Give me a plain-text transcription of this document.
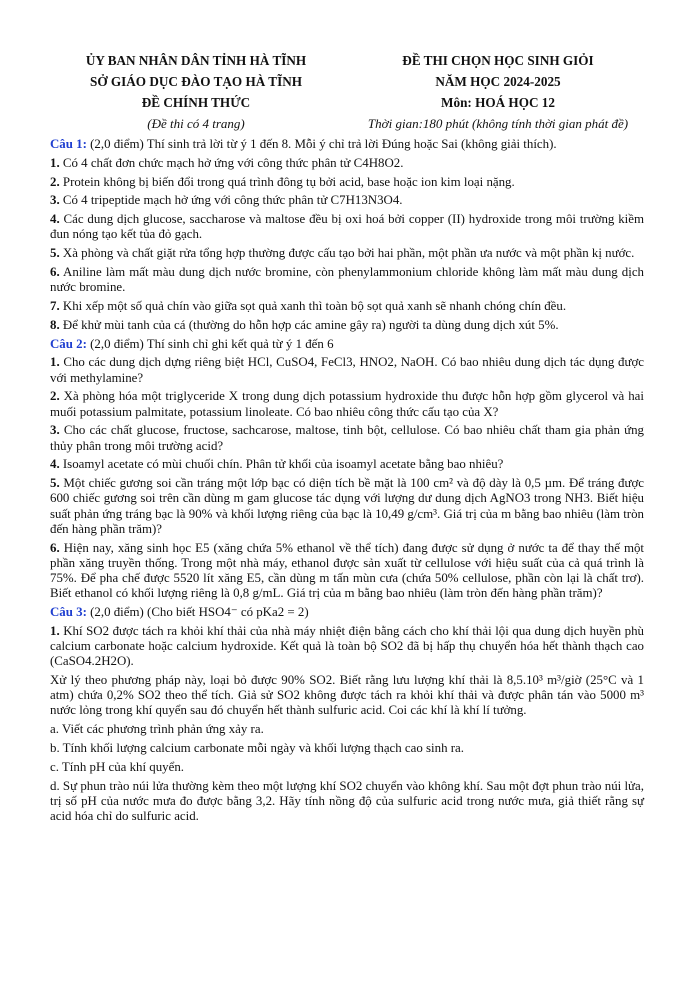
ỦY BAN NHÂN DÂN TỈNH HÀ TĨNH
SỞ GIÁO DỤC ĐÀO TẠO HÀ TĨNH
ĐỀ CHÍNH THỨC
(Đề thi có 4 trang)
ĐỀ THI CHỌN HỌC SINH GIỎI
NĂM HỌC 2024-2025
Môn: HOÁ HỌC 12
Thời gian:180 phút (không tính thời gian phát đề)
Câu 1: (2,0 điểm) Thí sinh trả lời từ ý 1 đến 8. Mỗi ý chỉ trả lời Đúng hoặc Sai (không giải thích).
1. Có 4 chất đơn chức mạch hở ứng với công thức phân tử C4H8O2.
2. Protein không bị biến đổi trong quá trình đông tụ bởi acid, base hoặc ion kim loại nặng.
3. Có 4 tripeptide mạch hở ứng với công thức phân tử C7H13N3O4.
4. Các dung dịch glucose, saccharose và maltose đều bị oxi hoá bởi copper (II) hydroxide trong môi trường kiềm đun nóng tạo kết tủa đỏ gạch.
5. Xà phòng và chất giặt rửa tổng hợp thường được cấu tạo bởi hai phần, một phần ưa nước và một phần kị nước.
6. Aniline làm mất màu dung dịch nước bromine, còn phenylammonium chloride không làm mất màu dung dịch nước bromine.
7. Khi xếp một số quả chín vào giữa sọt quả xanh thì toàn bộ sọt quả xanh sẽ nhanh chóng chín đều.
8. Để khử mùi tanh của cá (thường do hỗn hợp các amine gây ra) người ta dùng dung dịch xút 5%.
Câu 2: (2,0 điểm) Thí sinh chỉ ghi kết quả từ ý 1 đến 6
1. Cho các dung dịch dựng riêng biệt HCl, CuSO4, FeCl3, HNO2, NaOH. Có bao nhiêu dung dịch tác dụng được với methylamine?
2. Xà phòng hóa một triglyceride X trong dung dịch potassium hydroxide thu được hỗn hợp gồm glycerol và hai muối potassium palmitate, potassium linoleate. Có bao nhiêu công thức cấu tạo của X?
3. Cho các chất glucose, fructose, sachcarose, maltose, tinh bột, cellulose. Có bao nhiêu chất tham gia phản ứng thủy phân trong môi trường acid?
4. Isoamyl acetate có mùi chuối chín. Phân tử khối của isoamyl acetate bằng bao nhiêu?
5. Một chiếc gương soi cần tráng một lớp bạc có diện tích bề mặt là 100 cm² và độ dày là 0,5 µm. Để tráng được 600 chiếc gương soi trên cần dùng m gam glucose tác dụng với lượng dư dung dịch AgNO3 trong NH3. Biết hiệu suất phản ứng tráng bạc là 90% và khối lượng riêng của bạc là 10,49 g/cm³. Giá trị của m bằng bao nhiêu (làm tròn đến hàng phần trăm)?
6. Hiện nay, xăng sinh học E5 (xăng chứa 5% ethanol về thể tích) đang được sử dụng ở nước ta để thay thế một phần xăng truyền thống. Trong một nhà máy, ethanol được sản xuất từ cellulose với hiệu suất của cả quá trình là 75%. Để pha chế được 5520 lít xăng E5, cần dùng m tấn mùn cưa (chứa 50% cellulose, phần còn lại là chất trơ). Biết ethanol có khối lượng riêng là 0,8 g/mL. Giá trị của m bằng bao nhiêu (làm tròn đến hàng phần trăm)?
Câu 3: (2,0 điểm) (Cho biết HSO4⁻ có pKa2 = 2)
1. Khí SO2 được tách ra khỏi khí thải của nhà máy nhiệt điện bằng cách cho khí thải lội qua dung dịch huyền phù calcium carbonate hoặc calcium hydroxide. Kết quả là toàn bộ SO2 đã bị hấp thụ chuyển hóa hết thành thạch cao (CaSO4.2H2O).
Xử lý theo phương pháp này, loại bỏ được 90% SO2. Biết rằng lưu lượng khí thải là 8,5.10³ m³/giờ (25°C và 1 atm) chứa 0,2% SO2 theo thể tích. Giả sử SO2 không được tách ra khỏi khí thải và được phân tán vào 5000 m³ nước lỏng trong khí quyển sau đó chuyển hết thành sulfuric acid. Coi các khí là khí lí tưởng.
a. Viết các phương trình phản ứng xảy ra.
b. Tính khối lượng calcium carbonate mỗi ngày và khối lượng thạch cao sinh ra.
c. Tính pH của khí quyển.
d. Sự phun trào núi lửa thường kèm theo một lượng khí SO2 chuyển vào không khí. Sau một đợt phun trào núi lửa, trị số pH của nước mưa đo được bằng 3,2. Hãy tính nồng độ của sulfuric acid trong nước mưa, giả thiết rằng sự acid hóa chỉ do sulfuric acid.
